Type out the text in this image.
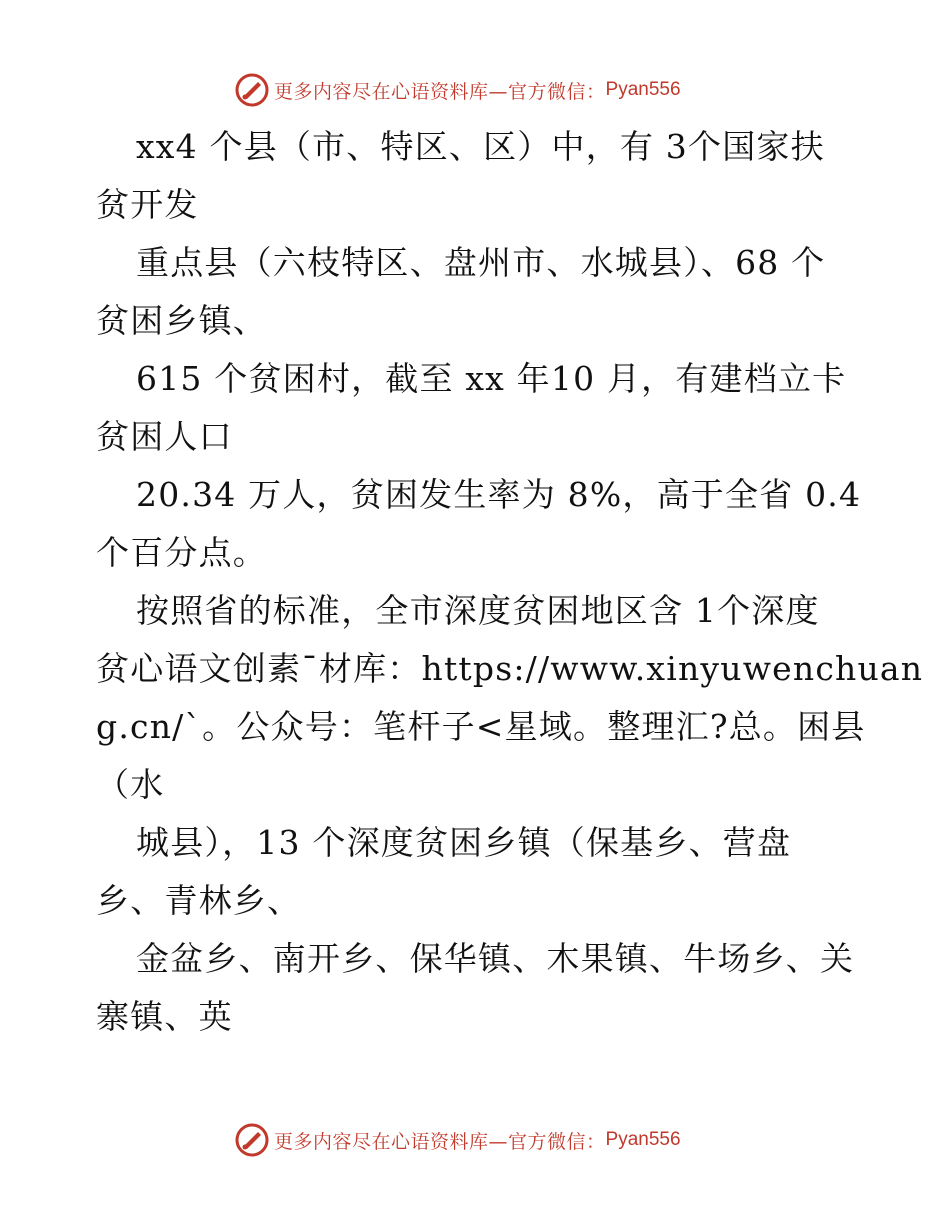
更多内容尽在心语资料库—官方微信： Pyan556
xx4 个县（市、特区、区）中，有 3个国家扶
贫开发
重点县（六枝特区、盘州市、水城县）、68 个
贫困乡镇、
615 个贫困村，截至 xx 年10 月，有建档立卡
贫困人口
20.34 万人，贫困发生率为 8%，高于全省 0.4
个百分点。
按照省的标准，全市深度贫困地区含 1个深度
贫心语文创素¯材库：https://www.xinyuwenchuan
g.cn/`。公众号：笔杆子<星域。整理汇?总。困县
（水
城县），13 个深度贫困乡镇（保基乡、营盘
乡、青林乡、
金盆乡、南开乡、保华镇、木果镇、牛场乡、关
寨镇、英
更多内容尽在心语资料库—官方微信： Pyan556
